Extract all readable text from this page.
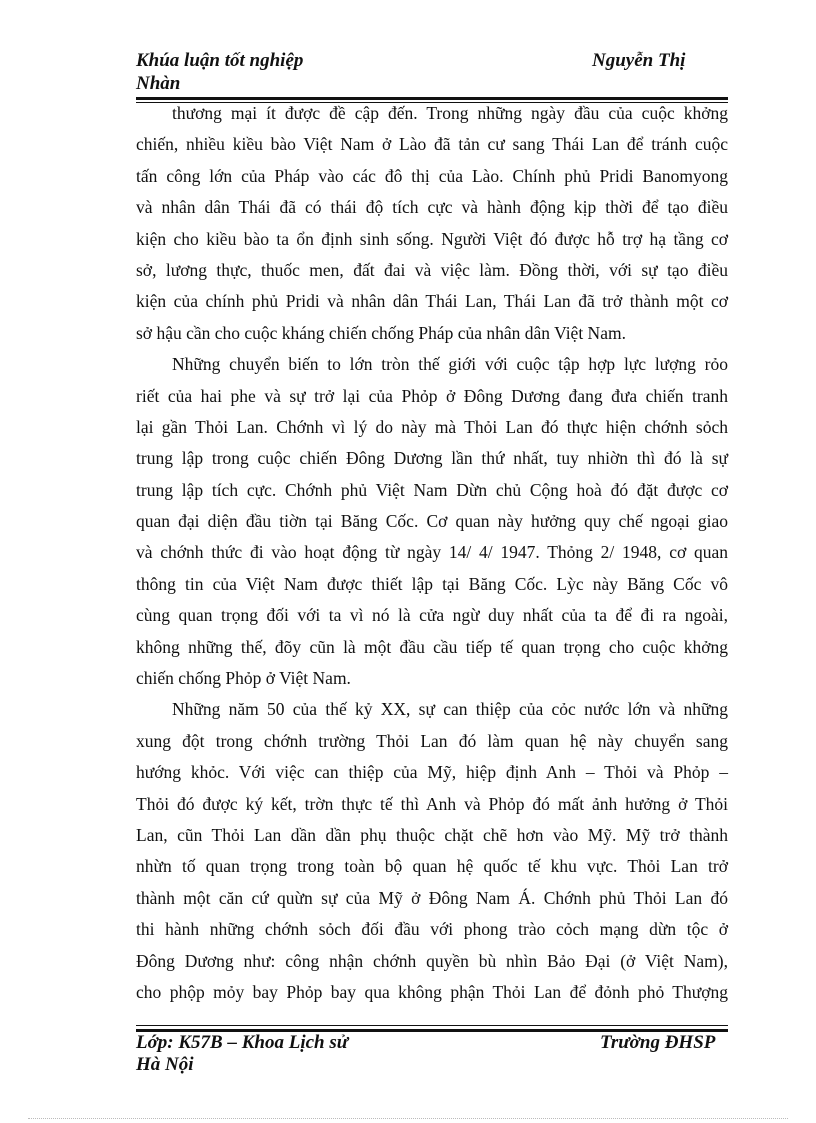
Khúa luận tốt nghiệp	Nguyễn Thị
Nhàn
thương mại ít được đề cập đến. Trong những ngày đầu của cuộc khởng
chiến, nhiều kiều bào Việt Nam ở Lào đã tản cư sang Thái Lan để tránh cuộc
tấn công lớn của Pháp vào các đô thị của Lào. Chính phủ Pridi Banomyong
và nhân dân Thái đã có thái độ tích cực và hành động kịp thời để tạo điều
kiện cho kiều bào ta ổn định sinh sống. Người Việt đó được hỗ trợ hạ tầng cơ
sở, lương thực, thuốc men, đất đai và việc làm. Đồng thời, với sự tạo điều
kiện của chính phủ Pridi và nhân dân Thái Lan, Thái Lan đã trở thành một cơ
sở hậu cần cho cuộc kháng chiến chống Pháp của nhân dân Việt Nam.
Những chuyển biến to lớn tròn thế giới với cuộc tập hợp lực lượng rỏo
riết của hai phe và sự trở lại của Phỏp ở Đông Dương đang đưa chiến tranh
lại gần Thỏi Lan. Chớnh vì lý do này mà Thỏi Lan đó thực hiện chớnh sỏch
trung lập trong cuộc chiến Đông Dương lần thứ nhất, tuy nhiờn thì đó là sự
trung lập tích cực. Chớnh phủ Việt Nam Dừn chủ Cộng hoà đó đặt được cơ
quan đại diện đầu tiờn tại Băng Cốc. Cơ quan này hưởng quy chế ngoại giao
và chớnh thức đi vào hoạt động từ ngày 14/ 4/ 1947. Thỏng 2/ 1948, cơ quan
thông tin của Việt Nam được thiết lập tại Băng Cốc. Lỳc này Băng Cốc vô
cùng quan trọng đối với ta vì nó là cửa ngừ duy nhất của ta để đi ra ngoài,
không những thế, đõy cũn là một đầu cầu tiếp tế quan trọng cho cuộc khởng
chiến chống Phỏp ở Việt Nam.
Những năm 50 của thế kỷ XX, sự can thiệp của cỏc nước lớn và những
xung đột trong chớnh trường Thỏi Lan đó làm quan hệ này chuyển sang
hướng khỏc. Với việc can thiệp của Mỹ, hiệp định Anh – Thỏi và Phỏp –
Thỏi đó được ký kết, trờn thực tế thì Anh và Phỏp đó mất ảnh hưởng ở Thỏi
Lan, cũn Thỏi Lan dần dần phụ thuộc chặt chẽ hơn vào Mỹ. Mỹ trở thành
nhừn tố quan trọng trong toàn bộ quan hệ quốc tế khu vực. Thỏi Lan trở
thành một căn cứ quừn sự của Mỹ ở Đông Nam Á. Chớnh phủ Thỏi Lan đó
thi hành những chớnh sỏch đối đầu với phong trào cỏch mạng dừn tộc ở
Đông Dương như: công nhận chớnh quyền bù nhìn Bảo Đại (ở Việt Nam),
cho phộp mỏy bay Phỏp bay qua không phận Thỏi Lan để đỏnh phỏ Thượng
Lớp: K57B – Khoa Lịch sử	Trường ĐHSP
Hà Nội
